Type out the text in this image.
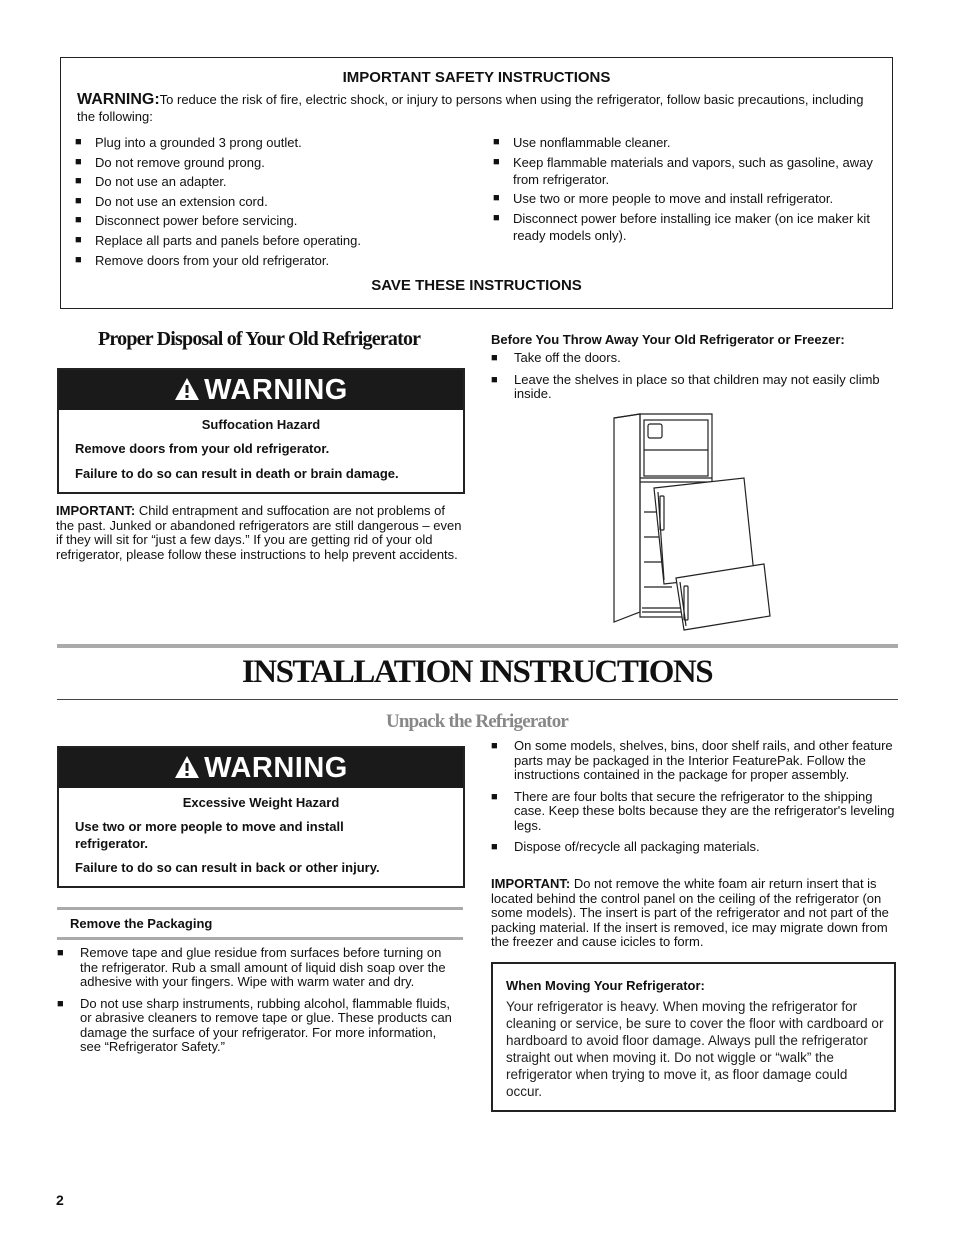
IMPORTANT SAFETY INSTRUCTIONS
WARNING:To reduce the risk of fire, electric shock, or injury to persons when using the refrigerator, follow basic precautions, including the following:
■ Plug into a grounded 3 prong outlet.
■ Do not remove ground prong.
■ Do not use an adapter.
■ Do not use an extension cord.
■ Disconnect power before servicing.
■ Replace all parts and panels before operating.
■ Remove doors from your old refrigerator.
■ Use nonflammable cleaner.
■ Keep flammable materials and vapors, such as gasoline, away from refrigerator.
■ Use two or more people to move and install refrigerator.
■ Disconnect power before installing ice maker (on ice maker kit ready models only).
SAVE THESE INSTRUCTIONS
Proper Disposal of Your Old Refrigerator
WARNING
Suffocation Hazard
Remove doors from your old refrigerator.
Failure to do so can result in death or brain damage.
IMPORTANT: Child entrapment and suffocation are not problems of the past. Junked or abandoned refrigerators are still dangerous – even if they will sit for “just a few days.” If you are getting rid of your old refrigerator, please follow these instructions to help prevent accidents.
Before You Throw Away Your Old Refrigerator or Freezer:
■ Take off the doors.
■ Leave the shelves in place so that children may not easily climb inside.
INSTALLATION INSTRUCTIONS
Unpack the Refrigerator
WARNING
Excessive Weight Hazard
Use two or more people to move and install refrigerator.
Failure to do so can result in back or other injury.
Remove the Packaging
■ Remove tape and glue residue from surfaces before turning on the refrigerator. Rub a small amount of liquid dish soap over the adhesive with your fingers. Wipe with warm water and dry.
■ Do not use sharp instruments, rubbing alcohol, flammable fluids, or abrasive cleaners to remove tape or glue. These products can damage the surface of your refrigerator. For more information, see “Refrigerator Safety.”
■ On some models, shelves, bins, door shelf rails, and other feature parts may be packaged in the Interior FeaturePak. Follow the instructions contained in the package for proper assembly.
■ There are four bolts that secure the refrigerator to the shipping case. Keep these bolts because they are the refrigerator's leveling legs.
■ Dispose of/recycle all packaging materials.
IMPORTANT: Do not remove the white foam air return insert that is located behind the control panel on the ceiling of the refrigerator (on some models). The insert is part of the refrigerator and not part of the packing material. If the insert is removed, ice may migrate down from the freezer and cause icicles to form.
When Moving Your Refrigerator:
Your refrigerator is heavy. When moving the refrigerator for cleaning or service, be sure to cover the floor with cardboard or hardboard to avoid floor damage. Always pull the refrigerator straight out when moving it. Do not wiggle or “walk” the refrigerator when trying to move it, as floor damage could occur.
2
